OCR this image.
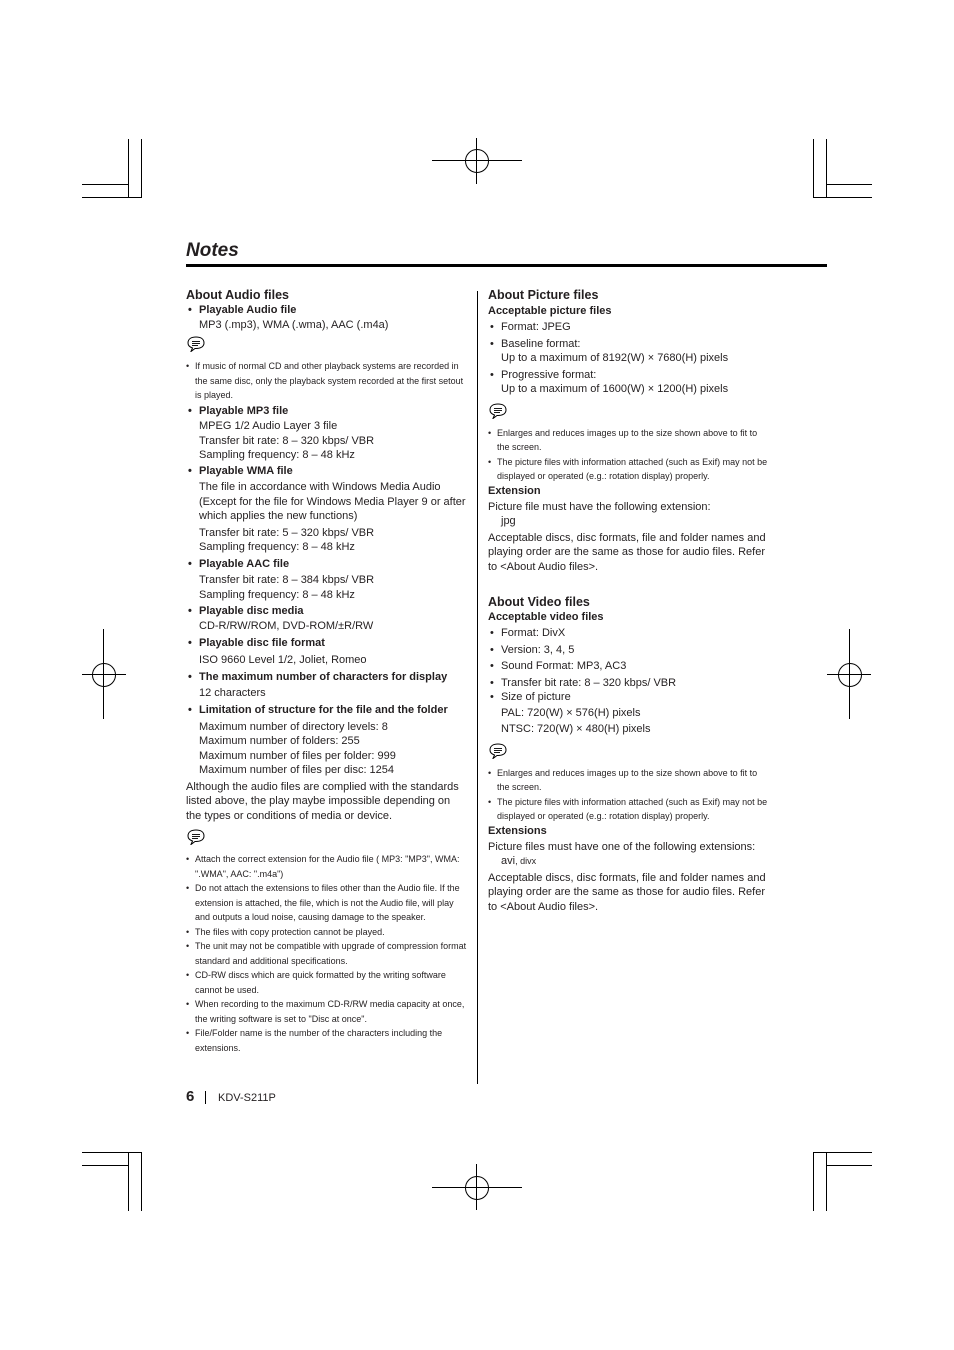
Notes

About Audio files

• Playable Audio file

MP3 (.mp3), WMA (.wma), AAC (.m4a)

• If music of normal CD and other playback systems are recorded in the same disc, only the playback system recorded at the first setout is played.

• Playable MP3 file

MPEG 1/2 Audio Layer 3 file

Transfer bit rate: 8 – 320 kbps/ VBR

Sampling frequency: 8 – 48 kHz

• Playable WMA file

The file in accordance with Windows Media Audio (Except for the file for Windows Media Player 9 or after which applies the new functions)

Transfer bit rate: 5 – 320 kbps/ VBR

Sampling frequency: 8 – 48 kHz

• Playable AAC file

Transfer bit rate: 8 – 384 kbps/ VBR

Sampling frequency: 8 – 48 kHz

• Playable disc media

CD-R/RW/ROM, DVD-ROM/±R/RW

• Playable disc file format

ISO 9660 Level 1/2, Joliet, Romeo

• The maximum number of characters for display

12 characters

• Limitation of structure for the file and the folder

Maximum number of directory levels: 8

Maximum number of folders: 255

Maximum number of files per folder: 999

Maximum number of files per disc: 1254

Although the audio files are complied with the standards listed above, the play maybe impossible depending on the types or conditions of media or device.

• Attach the correct extension for the Audio file ( MP3: "MP3", WMA: ".WMA", AAC: ".m4a")

• Do not attach the extensions to files other than the Audio file. If the extension is attached, the file, which is not the Audio file, will play and outputs a loud noise, causing damage to the speaker.

• The files with copy protection cannot be played.

• The unit may not be compatible with upgrade of compression format standard and additional specifications.

• CD-RW discs which are quick formatted by the writing software cannot be used.

• When recording to the maximum CD-R/RW media capacity at once, the writing software is set to "Disc at once".

• File/Folder name is the number of the characters including the extensions.

About Picture files

Acceptable picture files

• Format: JPEG

• Baseline format:

Up to a maximum of 8192(W) × 7680(H) pixels

• Progressive format:

Up to a maximum of 1600(W) × 1200(H) pixels

• Enlarges and reduces images up to the size shown above to fit to the screen.

• The picture files with information attached (such as Exif) may not be displayed or operated (e.g.: rotation display) properly.

Extension

Picture file must have the following extension:

jpg

Acceptable discs, disc formats, file and folder names and playing order are the same as those for audio files. Refer to <About Audio files>.

About Video files

Acceptable video files

• Format: DivX

• Version: 3, 4, 5

• Sound Format: MP3, AC3

• Transfer bit rate: 8 – 320 kbps/ VBR

• Size of picture

PAL: 720(W) × 576(H) pixels

NTSC: 720(W) × 480(H) pixels

• Enlarges and reduces images up to the size shown above to fit to the screen.

• The picture files with information attached (such as Exif) may not be displayed or operated (e.g.: rotation display) properly.

Extensions

Picture files must have one of the following extensions:

avi, divx

Acceptable discs, disc formats, file and folder names and playing order are the same as those for audio files. Refer to <About Audio files>.

6 KDV-S211P
